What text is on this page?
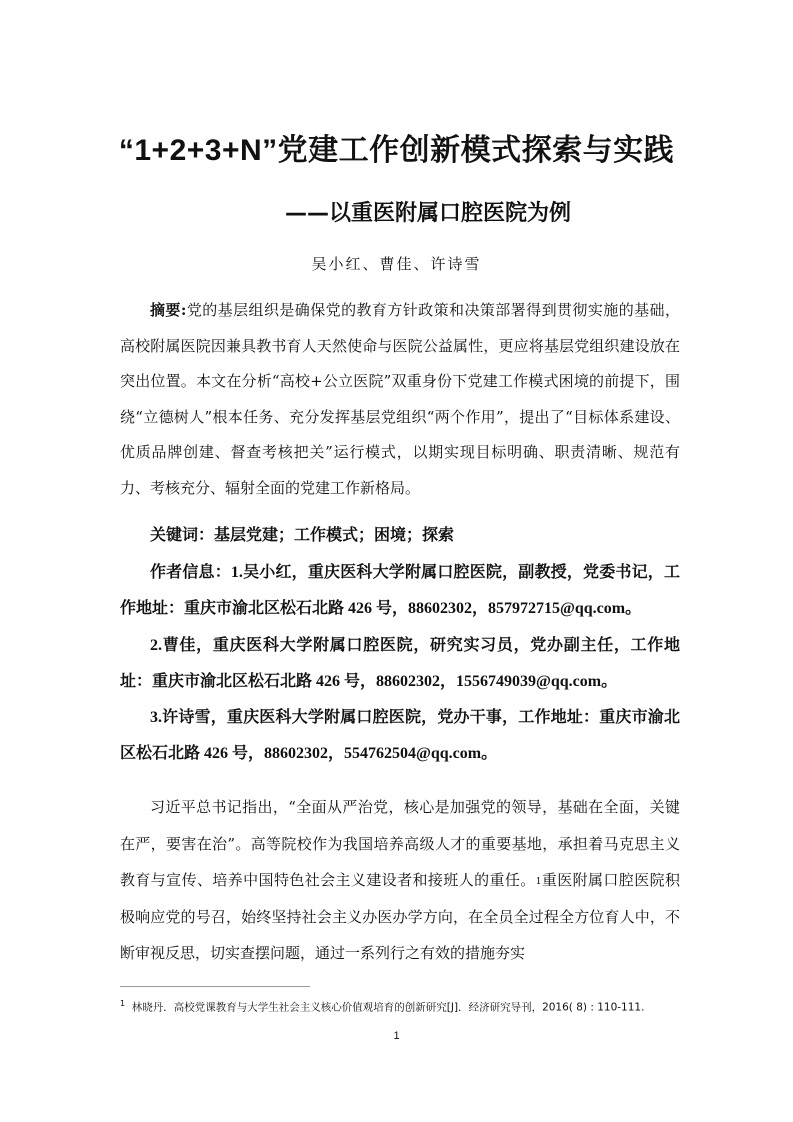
“1+2+3+N”党建工作创新模式探索与实践
——以重医附属口腔医院为例
吴小红、曹佳、许诗雪
摘要:党的基层组织是确保党的教育方针政策和决策部署得到贯彻实施的基础，高校附属医院因兼具教书育人天然使命与医院公益属性，更应将基层党组织建设放在突出位置。本文在分析“高校+公立医院”双重身份下党建工作模式困境的前提下，围绕“立德树人”根本任务、充分发挥基层党组织“两个作用”，提出了“目标体系建设、优质品牌创建、督查考核把关”运行模式，以期实现目标明确、职责清晰、规范有力、考核充分、辐射全面的党建工作新格局。
关键词：基层党建；工作模式；困境；探索
作者信息：1.吴小红，重庆医科大学附属口腔医院，副教授，党委书记，工作地址：重庆市渝北区松石北路 426 号，88602302，857972715@qq.com。
2.曹佳，重庆医科大学附属口腔医院，研究实习员，党办副主任，工作地址：重庆市渝北区松石北路 426 号，88602302，1556749039@qq.com。
3.许诗雪，重庆医科大学附属口腔医院，党办干事，工作地址：重庆市渝北区松石北路 426 号，88602302，554762504@qq.com。
习近平总书记指出，“全面从严治党，核心是加强党的领导，基础在全面，关键在严，要害在治”。高等院校作为我国培养高级人才的重要基地，承担着马克思主义教育与宣传、培养中国特色社会主义建设者和接班人的重任。$^1$重医附属口腔医院积极响应党的号召，始终坚持社会主义办医办学方向，在全员全过程全方位育人中，不断审视反思，切实查摆问题，通过一系列行之有效的措施夯实
$^1$ 林晓丹．高校党课教育与大学生社会主义核心价值观培育的创新研究[J]．经济研究导刊，2016( 8) : 110-111.
1
